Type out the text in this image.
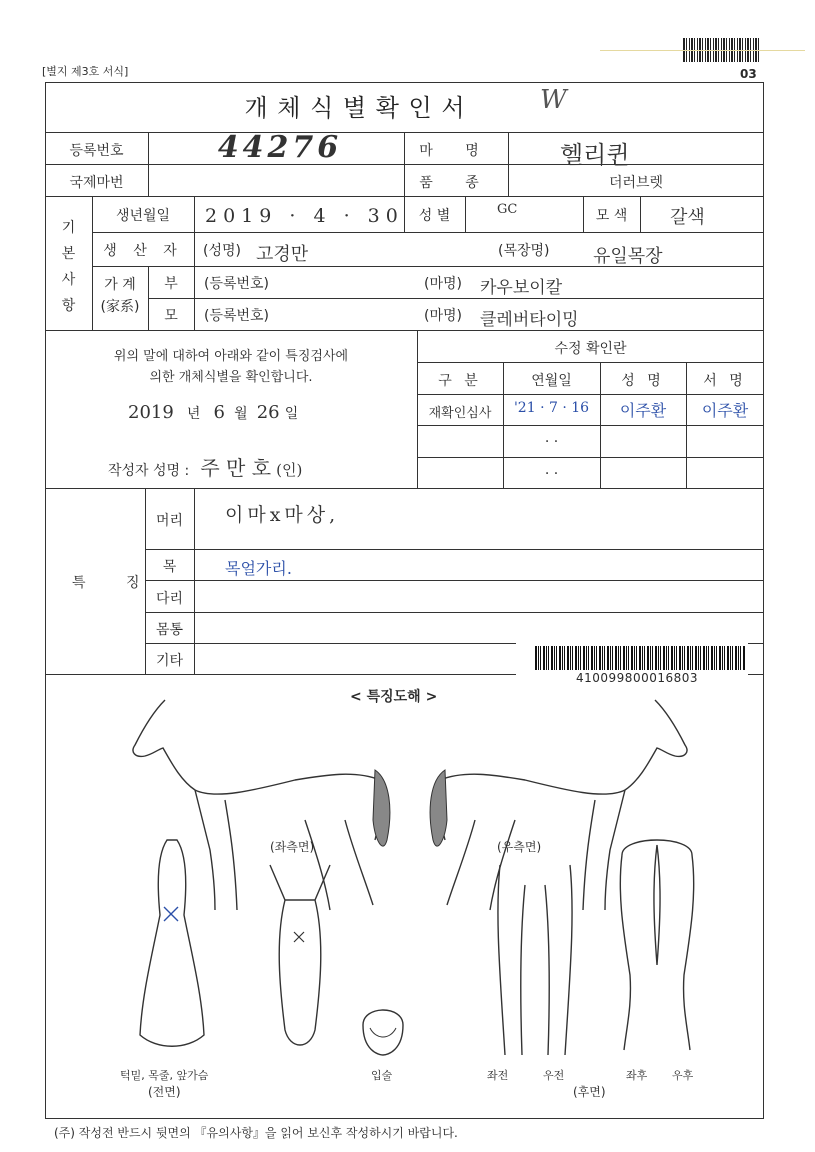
[별지 제3호 서식]	03
개 체 식 별 확 인 서	W
등록번호	44276	마 명	헬리퀸
국제마번	품 종	더러브렛
기
본
사
항
생년월일	2019 · 4 · 30	성 별	GC	모 색	갈색
생 산 자	(성명) 고경만	(목장명) 유일목장
가 계
(家系)
부	(등록번호)	(마명) 카우보이칼
모	(등록번호)	(마명) 클레버타이밍
위의 말에 대하여 아래와 같이 특징검사에
의한 개체식별을 확인합니다.
2019 년 6 월 26 일
작성자 성명 : 주 만 호 (인)
수정 확인란
구 분	연월일	성 명	서 명
재확인심사	'21 · 7 · 16	이주환	이주환
· ·
· ·
특 징
머리	이마x마상,
목	목얼가리.
다리
몸통
기타
410099800016803
< 특징도해 >
(좌측면)	(우측면)
턱밑, 목줄, 앞가슴
(전면)
입술	좌전	우전	좌후 우후
(후면)
(주) 작성전 반드시 뒷면의 『유의사항』을 읽어 보신후 작성하시기 바랍니다.
